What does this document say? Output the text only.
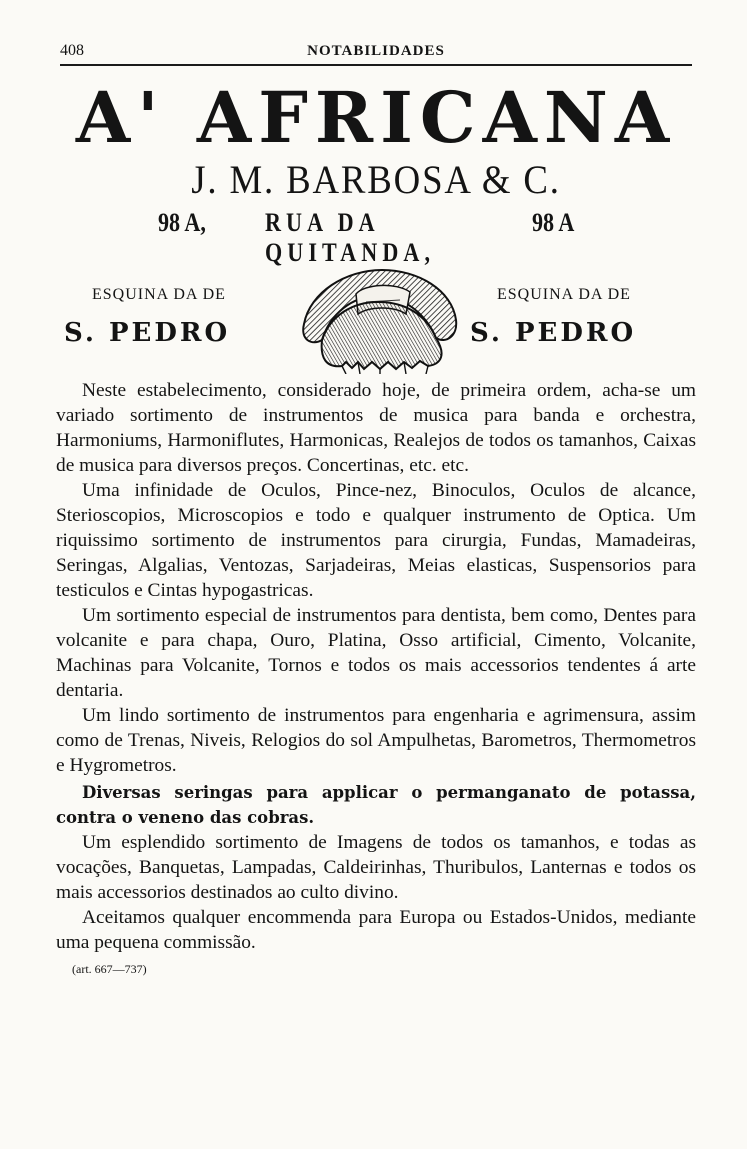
408	NOTABILIDADES
A' AFRICANA
J. M. BARBOSA & C.
98 A, RUA DA QUITANDA,
98 A
ESQUINA DA DE	ESQUINA DA DE
S. PEDRO	S. PEDRO

Neste estabelecimento, considerado hoje, de primeira ordem, acha-se um variado sortimento de instrumentos de musica para banda e orchestra, Harmoniums, Harmoniflutes, Harmonicas, Realejos de todos os tamanhos, Caixas de musica para diversos preços. Concertinas, etc. etc.

Uma infinidade de Oculos, Pince-nez, Binoculos, Oculos de alcance, Sterioscopios, Microscopios e todo e qualquer instrumento de Optica. Um riquissimo sortimento de instrumentos para cirurgia, Fundas, Mamadeiras, Seringas, Algalias, Ventozas, Sarjadeiras, Meias elasticas, Suspensorios para testiculos e Cintas hypogastricas.

Um sortimento especial de instrumentos para dentista, bem como, Dentes para volcanite e para chapa, Ouro, Platina, Osso artificial, Cimento, Volcanite, Machinas para Volcanite, Tornos e todos os mais accessorios tendentes á arte dentaria.

Um lindo sortimento de instrumentos para engenharia e agrimensura, assim como de Trenas, Niveis, Relogios do sol Ampulhetas, Barometros, Thermometros e Hygrometros.

Diversas seringas para applicar o permanganato de potassa, contra o veneno das cobras.

Um esplendido sortimento de Imagens de todos os tamanhos, e todas as vocações, Banquetas, Lampadas, Caldeirinhas, Thuribulos, Lanternas e todos os mais accessorios destinados ao culto divino.

Aceitamos qualquer encommenda para Europa ou Estados-Unidos, mediante uma pequena commissão.

(art. 667—737)
